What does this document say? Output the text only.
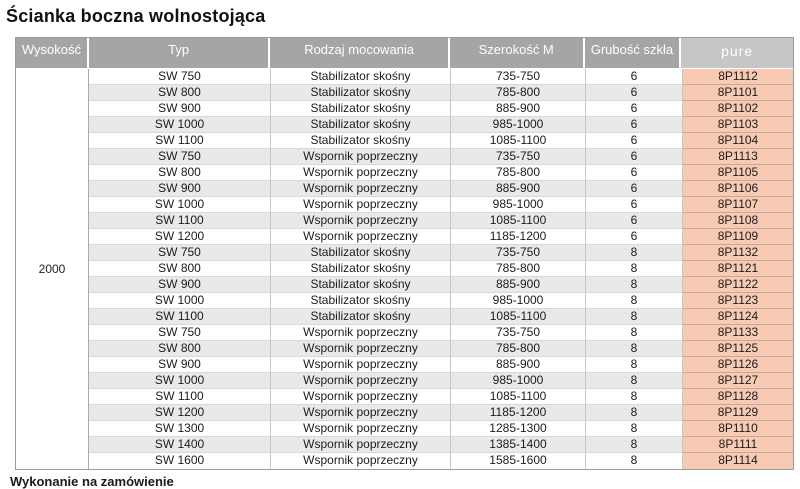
Ścianka boczna wolnostojąca
Wysokość	Typ	Rodzaj mocowania	Szerokość M	Grubość szkła	pure
2000
SW 750	Stabilizator skośny	735-750	6	8P1112
SW 800	Stabilizator skośny	785-800	6	8P1101
SW 900	Stabilizator skośny	885-900	6	8P1102
SW 1000	Stabilizator skośny	985-1000	6	8P1103
SW 1100	Stabilizator skośny	1085-1100	6	8P1104
SW 750	Wspornik poprzeczny	735-750	6	8P1113
SW 800	Wspornik poprzeczny	785-800	6	8P1105
SW 900	Wspornik poprzeczny	885-900	6	8P1106
SW 1000	Wspornik poprzeczny	985-1000	6	8P1107
SW 1100	Wspornik poprzeczny	1085-1100	6	8P1108
SW 1200	Wspornik poprzeczny	1185-1200	6	8P1109
SW 750	Stabilizator skośny	735-750	8	8P1132
SW 800	Stabilizator skośny	785-800	8	8P1121
SW 900	Stabilizator skośny	885-900	8	8P1122
SW 1000	Stabilizator skośny	985-1000	8	8P1123
SW 1100	Stabilizator skośny	1085-1100	8	8P1124
SW 750	Wspornik poprzeczny	735-750	8	8P1133
SW 800	Wspornik poprzeczny	785-800	8	8P1125
SW 900	Wspornik poprzeczny	885-900	8	8P1126
SW 1000	Wspornik poprzeczny	985-1000	8	8P1127
SW 1100	Wspornik poprzeczny	1085-1100	8	8P1128
SW 1200	Wspornik poprzeczny	1185-1200	8	8P1129
SW 1300	Wspornik poprzeczny	1285-1300	8	8P1110
SW 1400	Wspornik poprzeczny	1385-1400	8	8P1111
SW 1600	Wspornik poprzeczny	1585-1600	8	8P1114
Wykonanie na zamówienie
